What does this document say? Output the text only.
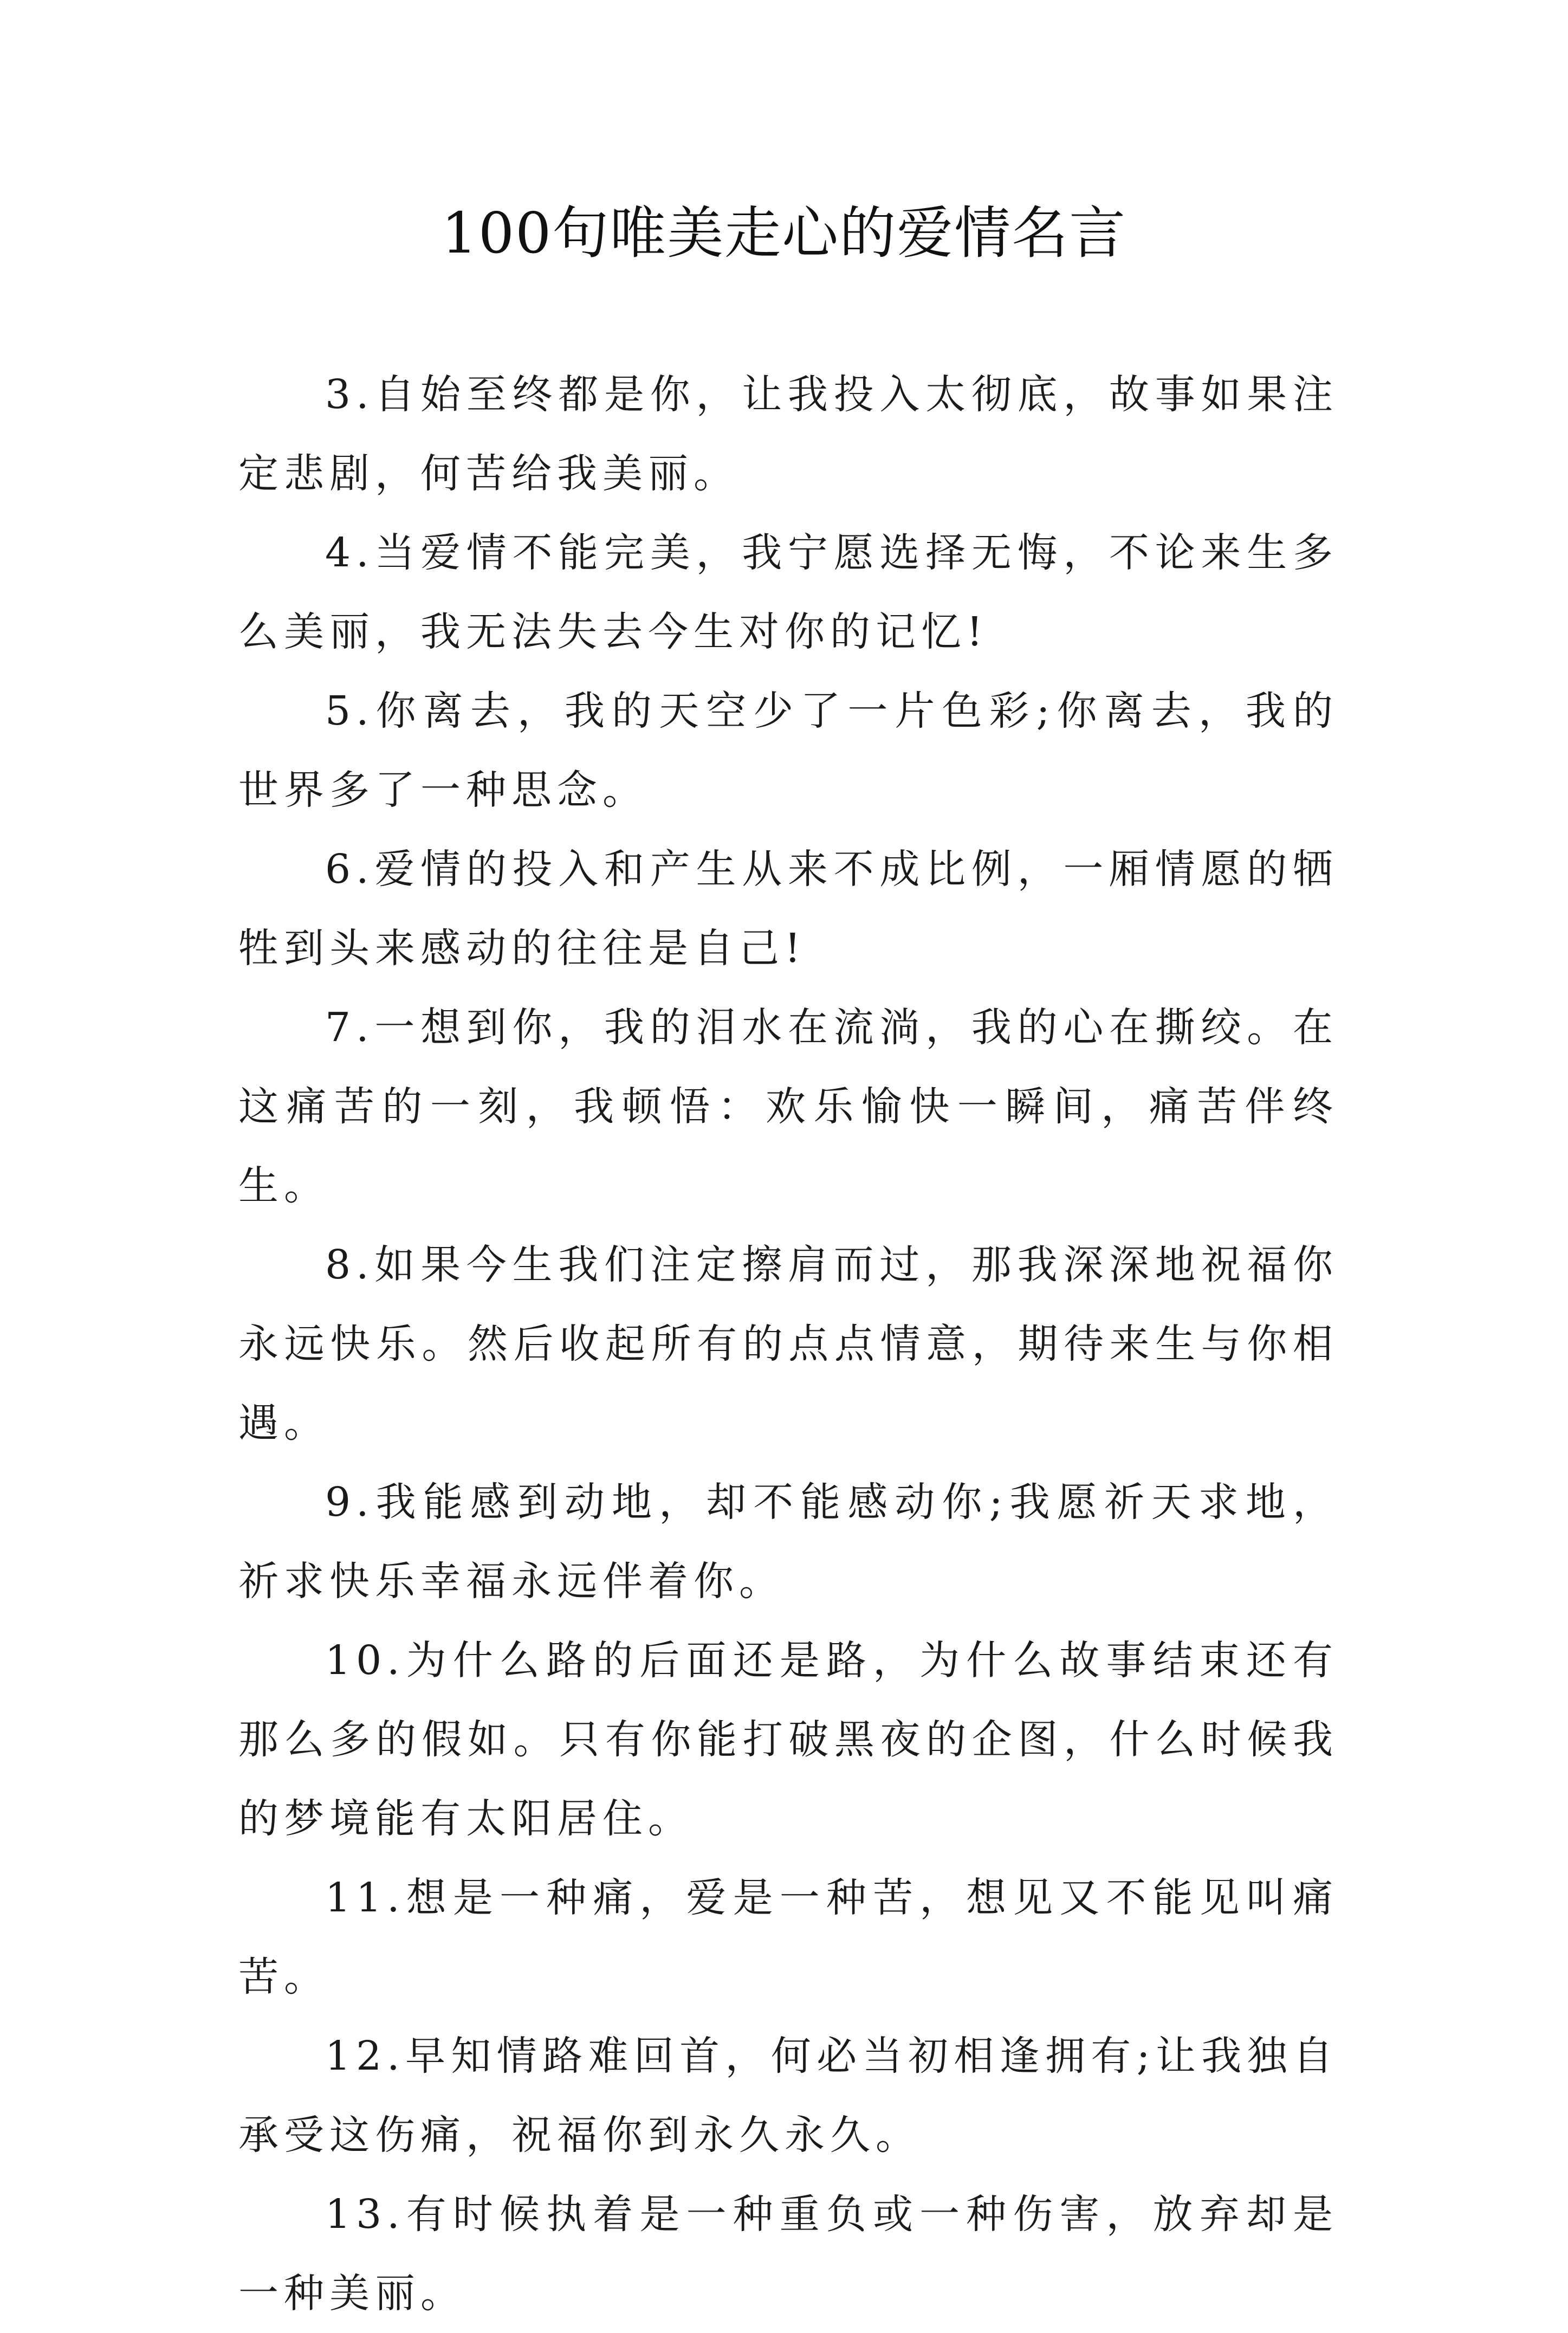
100句唯美走心的爱情名言

3.自始至终都是你，让我投入太彻底，故事如果注定悲剧，何苦给我美丽。

4.当爱情不能完美，我宁愿选择无悔，不论来生多么美丽，我无法失去今生对你的记忆!

5.你离去，我的天空少了一片色彩;你离去，我的世界多了一种思念。

6.爱情的投入和产生从来不成比例，一厢情愿的牺牲到头来感动的往往是自己!

7.一想到你，我的泪水在流淌，我的心在撕绞。在这痛苦的一刻，我顿悟：欢乐愉快一瞬间，痛苦伴终生。

8.如果今生我们注定擦肩而过，那我深深地祝福你永远快乐。然后收起所有的点点情意，期待来生与你相遇。

9.我能感到动地，却不能感动你;我愿祈天求地，祈求快乐幸福永远伴着你。

10.为什么路的后面还是路，为什么故事结束还有那么多的假如。只有你能打破黑夜的企图，什么时候我的梦境能有太阳居住。

11.想是一种痛，爱是一种苦，想见又不能见叫痛苦。

12.早知情路难回首，何必当初相逢拥有;让我独自承受这伤痛，祝福你到永久永久。

13.有时候执着是一种重负或一种伤害，放弃却是一种美丽。
